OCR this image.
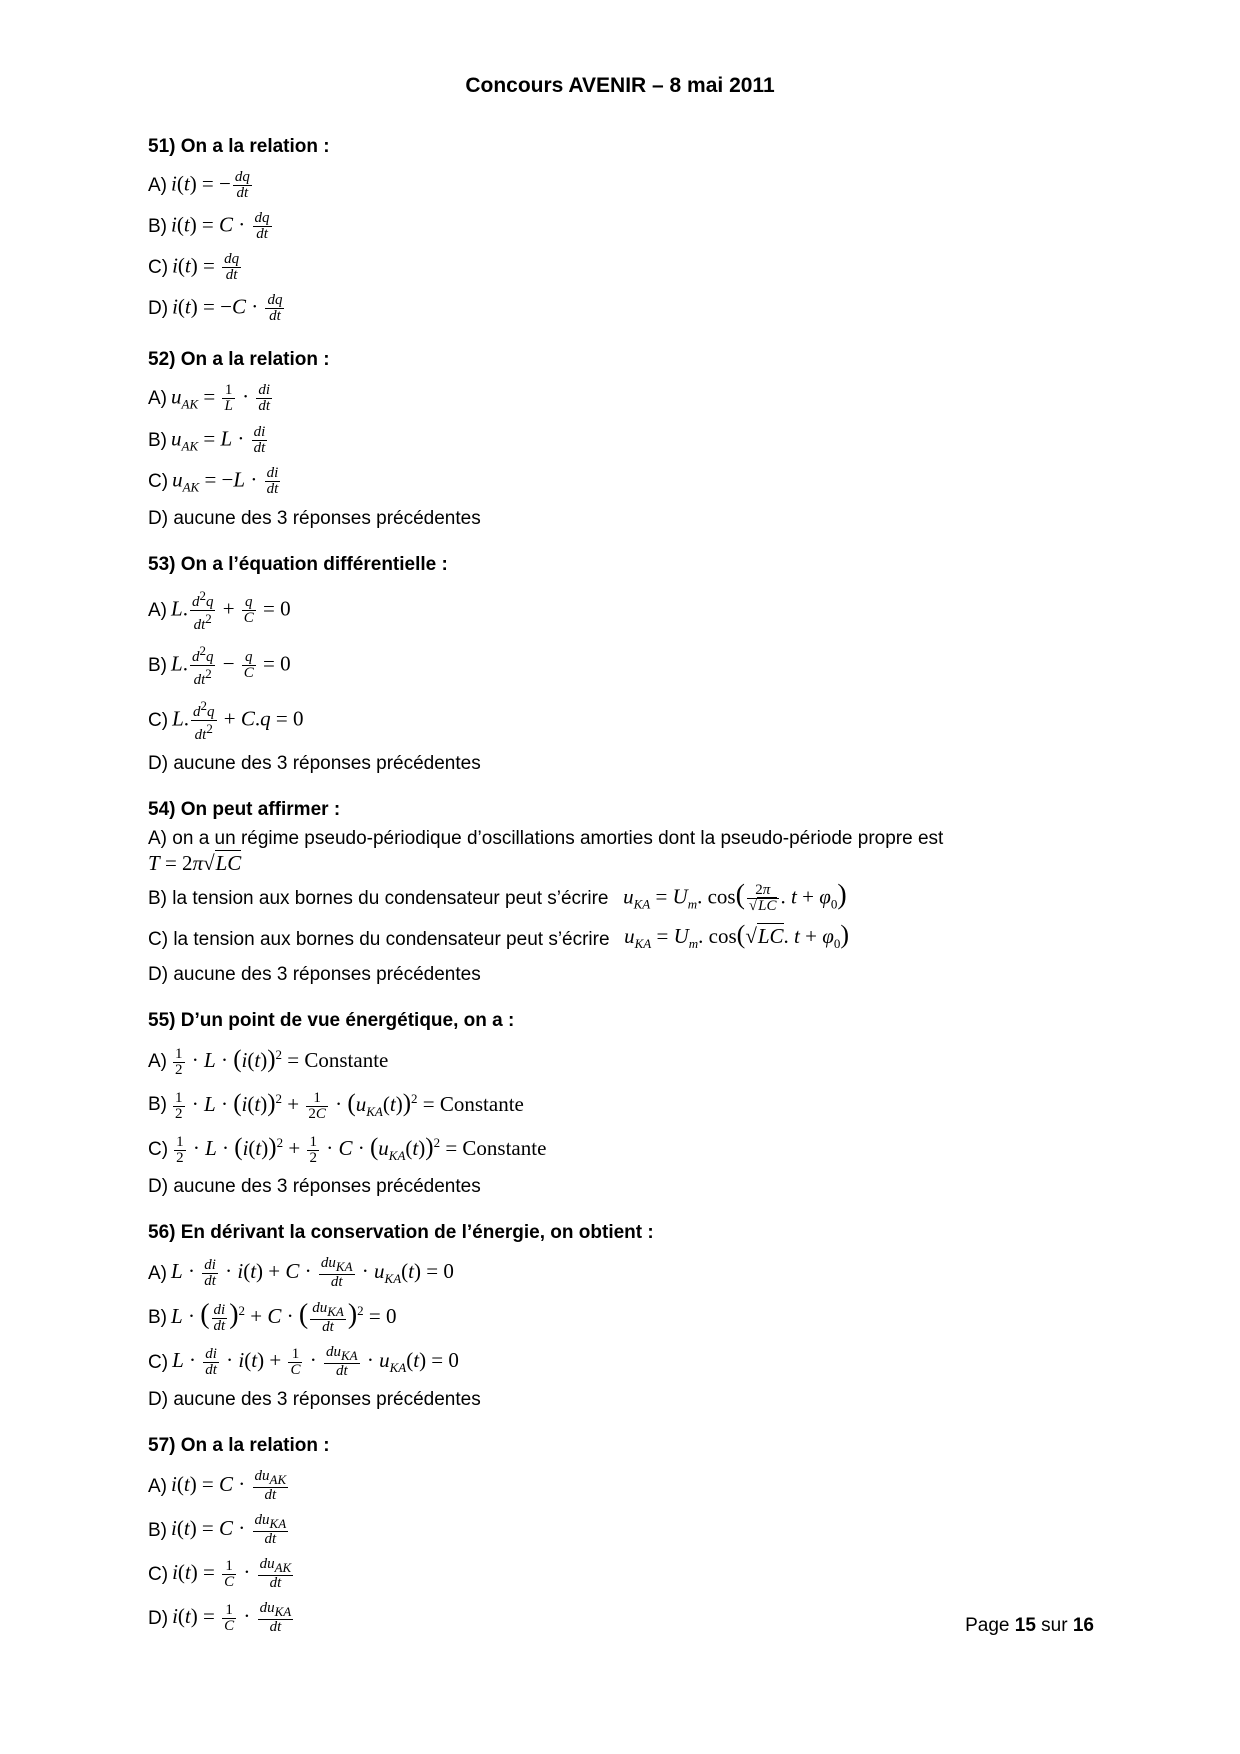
Concours AVENIR – 8 mai 2011
51) On a la relation :
A) i(t) = − $\frac{dq}{dt}$
B) $i(t) = C \cdot \frac{dq}{dt}$
C) $i(t) = \frac{dq}{dt}$
D) $i(t) = -C \cdot \frac{dq}{dt}$
52) On a la relation :
A) $u_{AK} = \frac{1}{L} \cdot \frac{di}{dt}$
B) $u_{AK} = L \cdot \frac{di}{dt}$
C) $u_{AK} = -L \cdot \frac{di}{dt}$
D) aucune des 3 réponses précédentes
53) On a l’équation différentielle :
A) L. $\frac{d^2q}{dt^2} + \frac{q}{C} = 0$
B) L. $\frac{d^2q}{dt^2} - \frac{q}{C} = 0$
C) L. $\frac{d^2q}{dt^2} + C.q = 0$
D) aucune des 3 réponses précédentes
54) On peut affirmer :
A) on a un régime pseudo-périodique d’oscillations amorties dont la pseudo-période propre est
T = 2π√LC
B) la tension aux bornes du condensateur peut s’écrire
$u_{KA} = U_m$. $\cos( \frac{2\pi}{√LC}$ . $t + \varphi_0$)
C) la tension aux bornes du condensateur peut s’écrire
$u_{KA} = U_m$. cos(√LC. $t + \varphi_0$)
D) aucune des 3 réponses précédentes
55) D’un point de vue énergétique, on a :
$A) \frac{1}{2} \cdot L \cdot (i(t))^2$ = Constante
$B) \frac{1}{2} \cdot L \cdot (i(t))^2 + \frac{1}{2C} \cdot (u_{KA}(t))^2$ = Constante
$C) \frac{1}{2} \cdot L \cdot (i(t))^2 + \frac{1}{2} \cdot C \cdot (u_{KA}(t))^2$ = Constante
D) aucune des 3 réponses précédentes
56) En dérivant la conservation de l’énergie, on obtient :
A) $L \cdot \frac{di}{dt} \cdot i(t) + C \cdot \frac{du_{KA}}{dt} \cdot u_{KA}(t) = 0$
B) L · ( $\frac{di}{dt} )^2 + C$ · ( $\frac{du_{KA}}{dt} )^2 = 0$
C) $L \cdot \frac{di}{dt} \cdot i(t) + \frac{1}{C} \cdot \frac{du_{KA}}{dt} \cdot u_{KA}(t) = 0$
D) aucune des 3 réponses précédentes
57) On a la relation :
A) $i(t) = C \cdot \frac{du_{AK}}{dt}$
B) $i(t) = C \cdot \frac{du_{KA}}{dt}$
C) $i(t) = \frac{1}{C} \cdot \frac{du_{AK}}{dt}$
D) $i(t) = \frac{1}{C} \cdot \frac{du_{KA}}{dt}$	Page 15 sur 16
